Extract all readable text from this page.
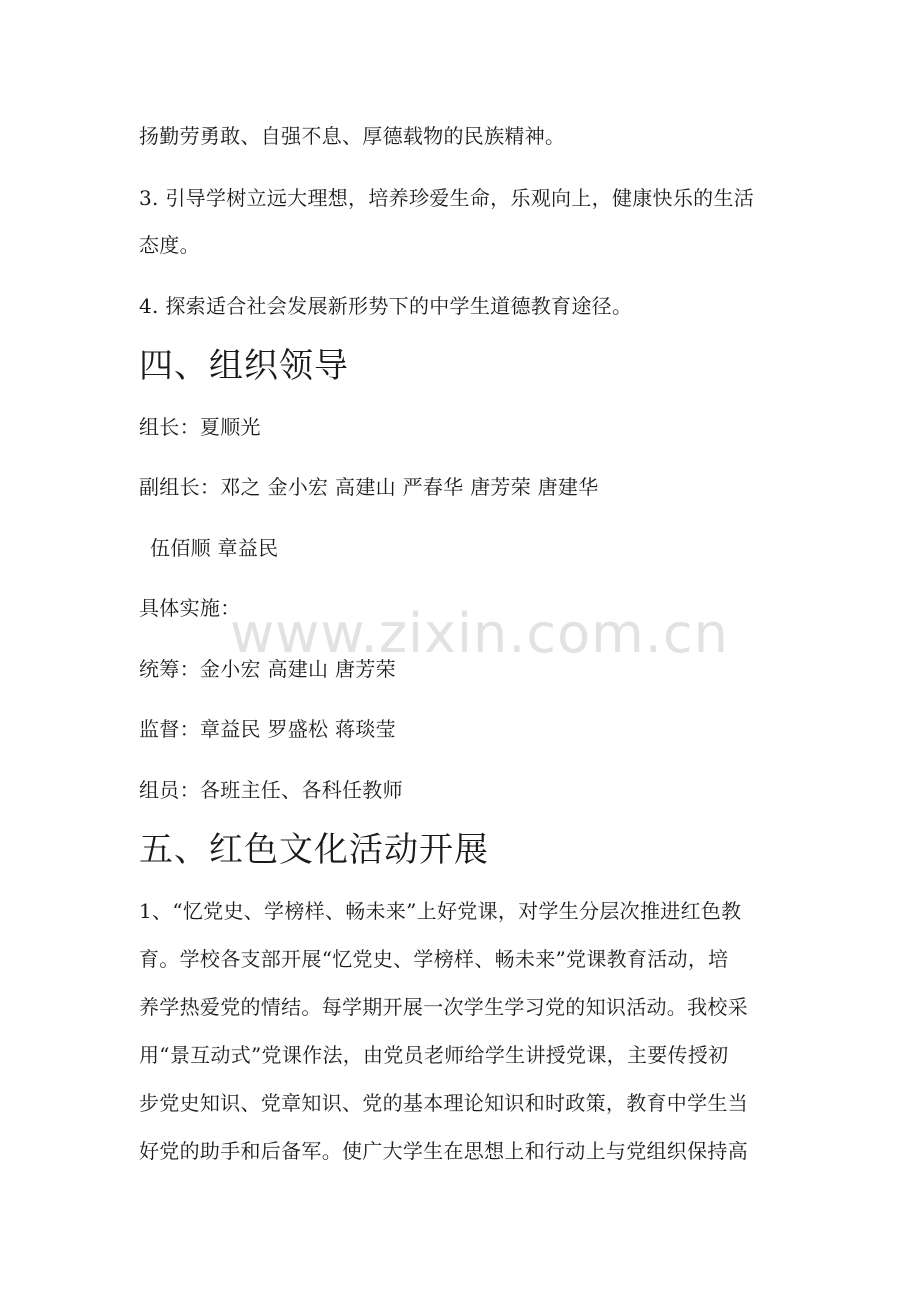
扬勤劳勇敢、自强不息、厚德载物的民族精神。
3. 引导学树立远大理想，培养珍爱生命，乐观向上，健康快乐的生活
态度。
4. 探索适合社会发展新形势下的中学生道德教育途径。
四、组织领导
组长：夏顺光
副组长：邓之 金小宏 高建山 严春华 唐芳荣 唐建华
伍佰顺 章益民
具体实施：
统筹：金小宏 高建山 唐芳荣
监督：章益民 罗盛松 蒋琰莹
组员：各班主任、各科任教师
五、红色文化活动开展
1、“忆党史、学榜样、畅未来”上好党课，对学生分层次推进红色教
育。学校各支部开展“忆党史、学榜样、畅未来”党课教育活动，培
养学热爱党的情结。每学期开展一次学生学习党的知识活动。我校采
用“景互动式”党课作法，由党员老师给学生讲授党课，主要传授初
步党史知识、党章知识、党的基本理论知识和时政策，教育中学生当
好党的助手和后备军。使广大学生在思想上和行动上与党组织保持高
www.zixin.com.cn
